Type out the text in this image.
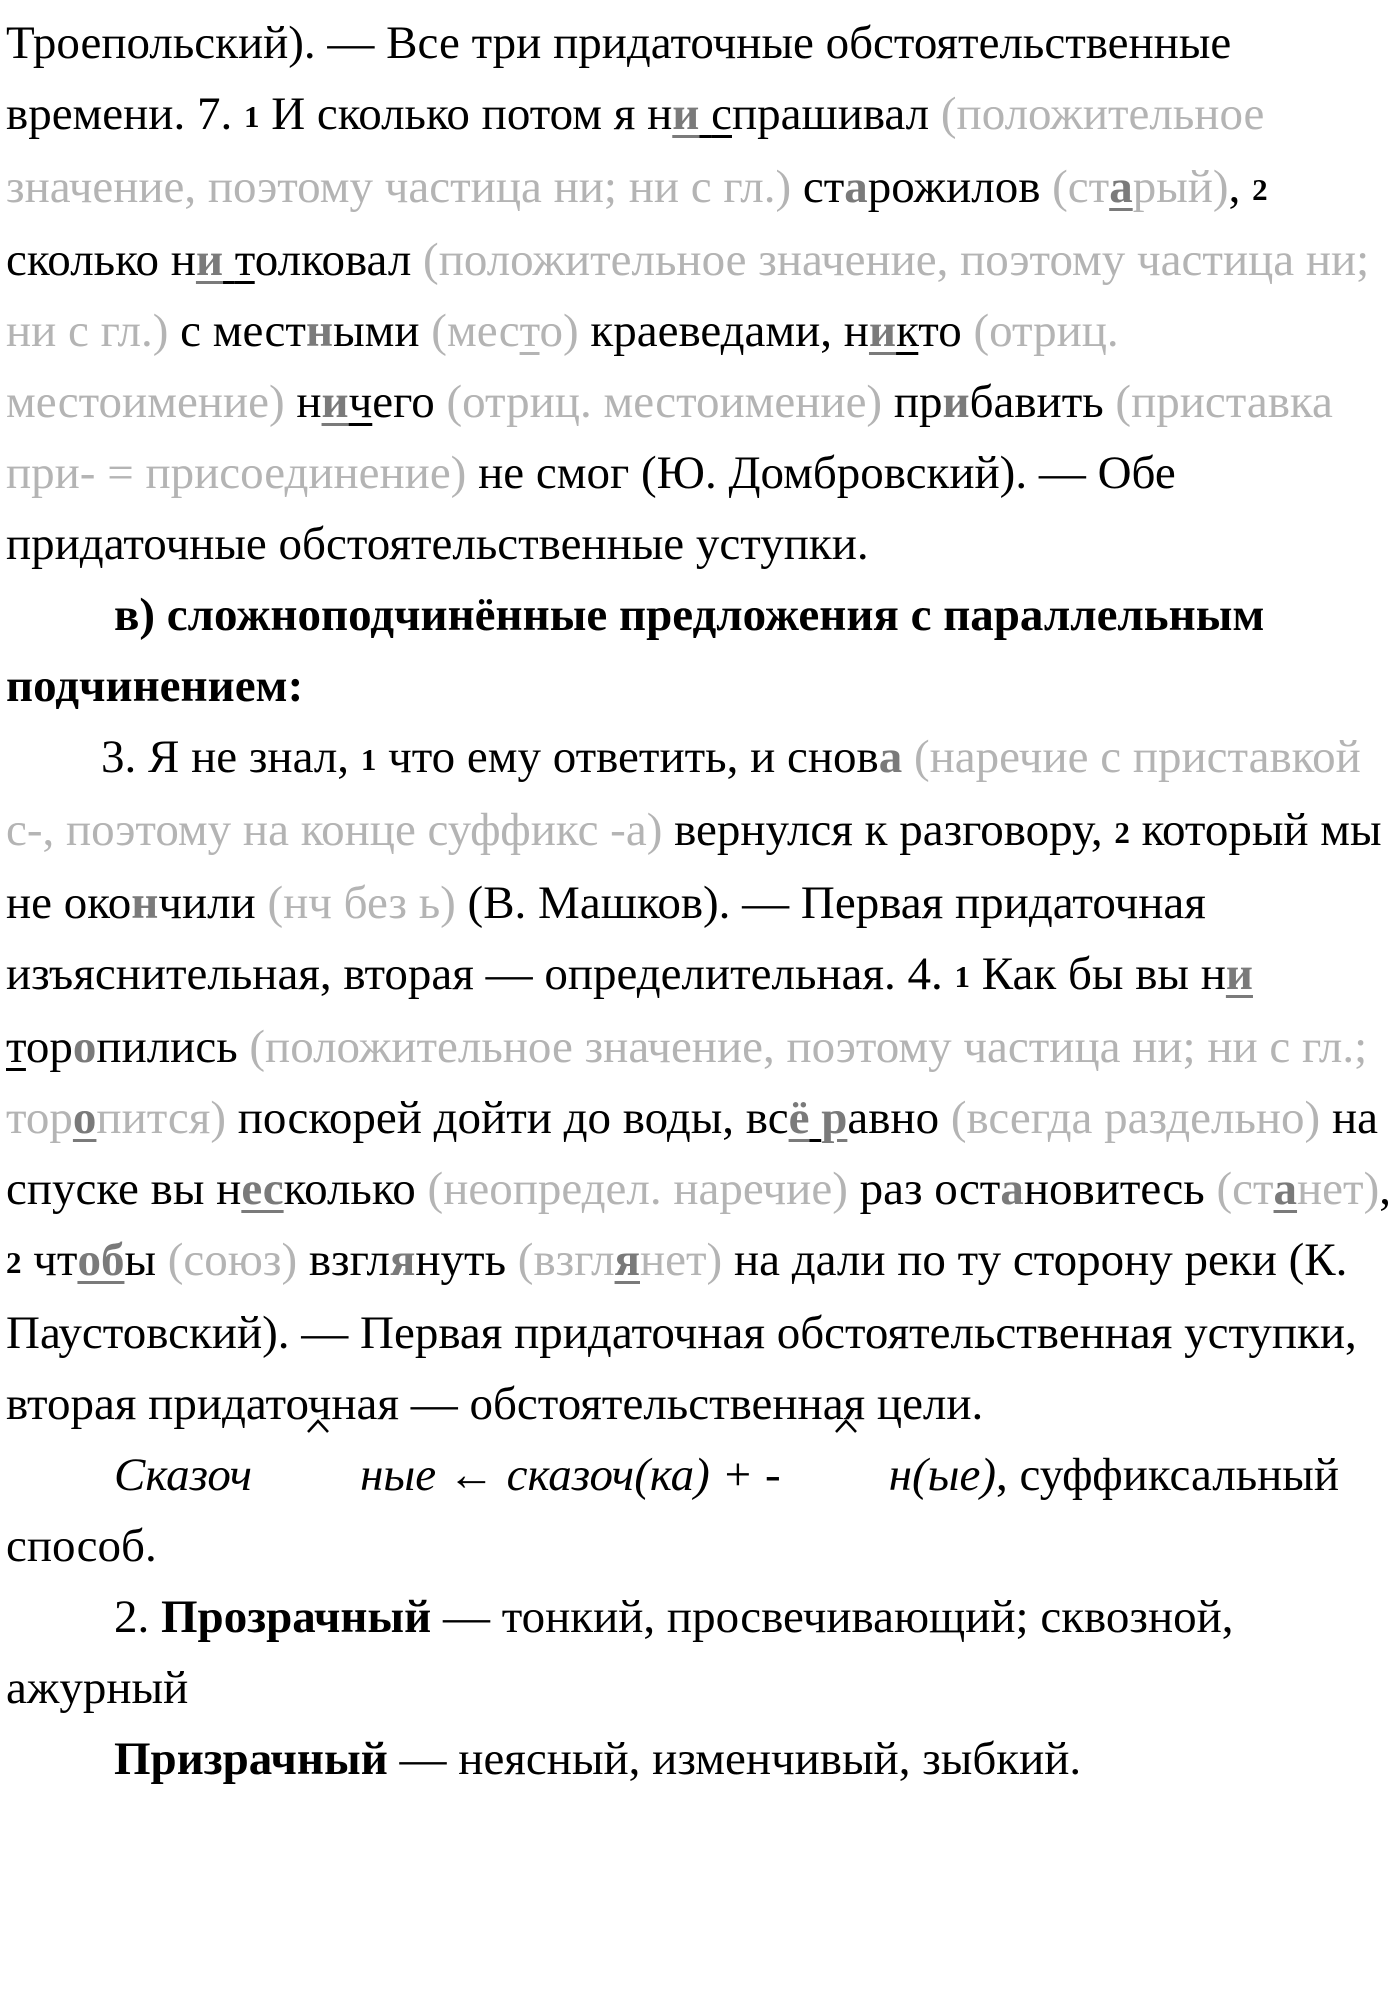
Троепольский). — Все три придаточные обстоятельственные времени. 7. 1 И сколько потом я ни спрашивал (положительное значение, поэтому частица ни; ни с гл.) старожилов (старый), 2 сколько ни толковал (положительное значение, поэтому частица ни; ни с гл.) с местными (место) краеведами, никто (отриц. местоимение) ничего (отриц. местоимение) прибавить (приставка при- = присоединение) не смог (Ю. Домбровский). — Обе придаточные обстоятельственные уступки.

в) сложноподчинённые предложения с параллельным подчинением:

3. Я не знал, 1 что ему ответить, и снова (наречие с приставкой с-, поэтому на конце суффикс -а) вернулся к разговору, 2 который мы не окончили (нч без ь) (В. Машков). — Первая придаточная изъяснительная, вторая — определительная. 4. 1 Как бы вы ни торопились (положительное значение, поэтому частица ни; ни с гл.; торопится) поскорей дойти до воды, всё равно (всегда раздельно) на спуске вы несколько (неопредел. наречие) раз остановитесь (станет), 2 чтобы (союз) взглянуть (взглянет) на дали по ту сторону реки (К. Паустовский). — Первая придаточная обстоятельственная уступки, вторая придаточная — обстоятельственная цели.

Сказоч ные ← сказоч(ка) + - н(ые), суффиксальный способ.

2. Прозрачный — тонкий, просвечивающий; сквозной, ажурный

Призрачный — неясный, изменчивый, зыбкий.
